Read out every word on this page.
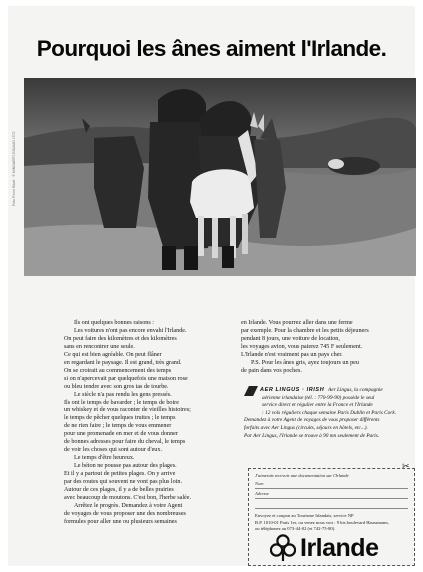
Pourquoi les ânes aiment l'Irlande.
Foto Pierre Bluet · © MINNAERT-RIGAUD 1972

Ils ont quelques bonnes raisons :

Les voitures n'ont pas encore envahi l'Irlande.

On peut faire des kilomètres et des kilomètres

sans en rencontrer une seule.

Ce qui est bien agréable. On peut flâner

en regardant le paysage. Il est grand, très grand.

On se croirait au commencement des temps

si on n'apercevait par quelquefois une maison rose

ou bleu tendre avec son gros tas de tourbe.

Le siècle n'a pas rendu les gens pressés.

Ils ont le temps de bavarder ; le temps de boire

un whiskey et de vous raconter de vieilles histoires;

le temps de pêcher quelques truites ; le temps

de ne rien faire ; le temps de vous emmener

pour une promenade en mer et de vous donner

de bonnes adresses pour faire du cheval, le temps

de voir les choses qui sont autour d'eux.

Le temps d'être heureux.

Le béton ne pousse pas autour des plages.

Et il y a partout de petites plages. On y arrive

par des routes qui souvent ne vont pas plus loin.

Autour de ces plages, il y a de belles prairies

avec beaucoup de moutons. C'est bon, l'herbe salée.

Arrêtez le progrès. Demandez à votre Agent

de voyages de vous proposer une des nombreuses

formules pour aller une ou plusieurs semaines

en Irlande. Vous pourrez aller dans une ferme

par exemple. Pour la chambre et les petits déjeuners

pendant 8 jours, une voiture de location,

les voyages avion, vous paierez 745 F seulement.

L'Irlande n'est vraiment pas un pays cher.

P.S. Pour les ânes gris, ayez toujours un peu

de pain dans vos poches.

AER LINGUS · IRISH Aer Lingus, la compagnie

aérienne irlandaise (tél. : 770-99-90) possède le seul

service direct et régulier entre la France et l'Irlande

: 12 vols réguliers chaque semaine Paris Dublin et Paris Cork.

Demandez à votre Agent de voyages de vous proposer différents

forfaits avec Aer Lingus (circuits, séjours en hôtels, etc...).

Par Aer Lingus, l'Irlande se trouve à 90 mn seulement de Paris.

✂

J'aimerais recevoir une documentation sur l'Irlande

Nom

Adresse

Envoyez et coupon au Tourisme Irlandais, service NP

B.P. 1010-01 Paris 1er, ou venez nous voir : 9 bis boulevard Haussmann,

ou téléphonez au 073-44-02 (et 742-75-80).

Irlande
